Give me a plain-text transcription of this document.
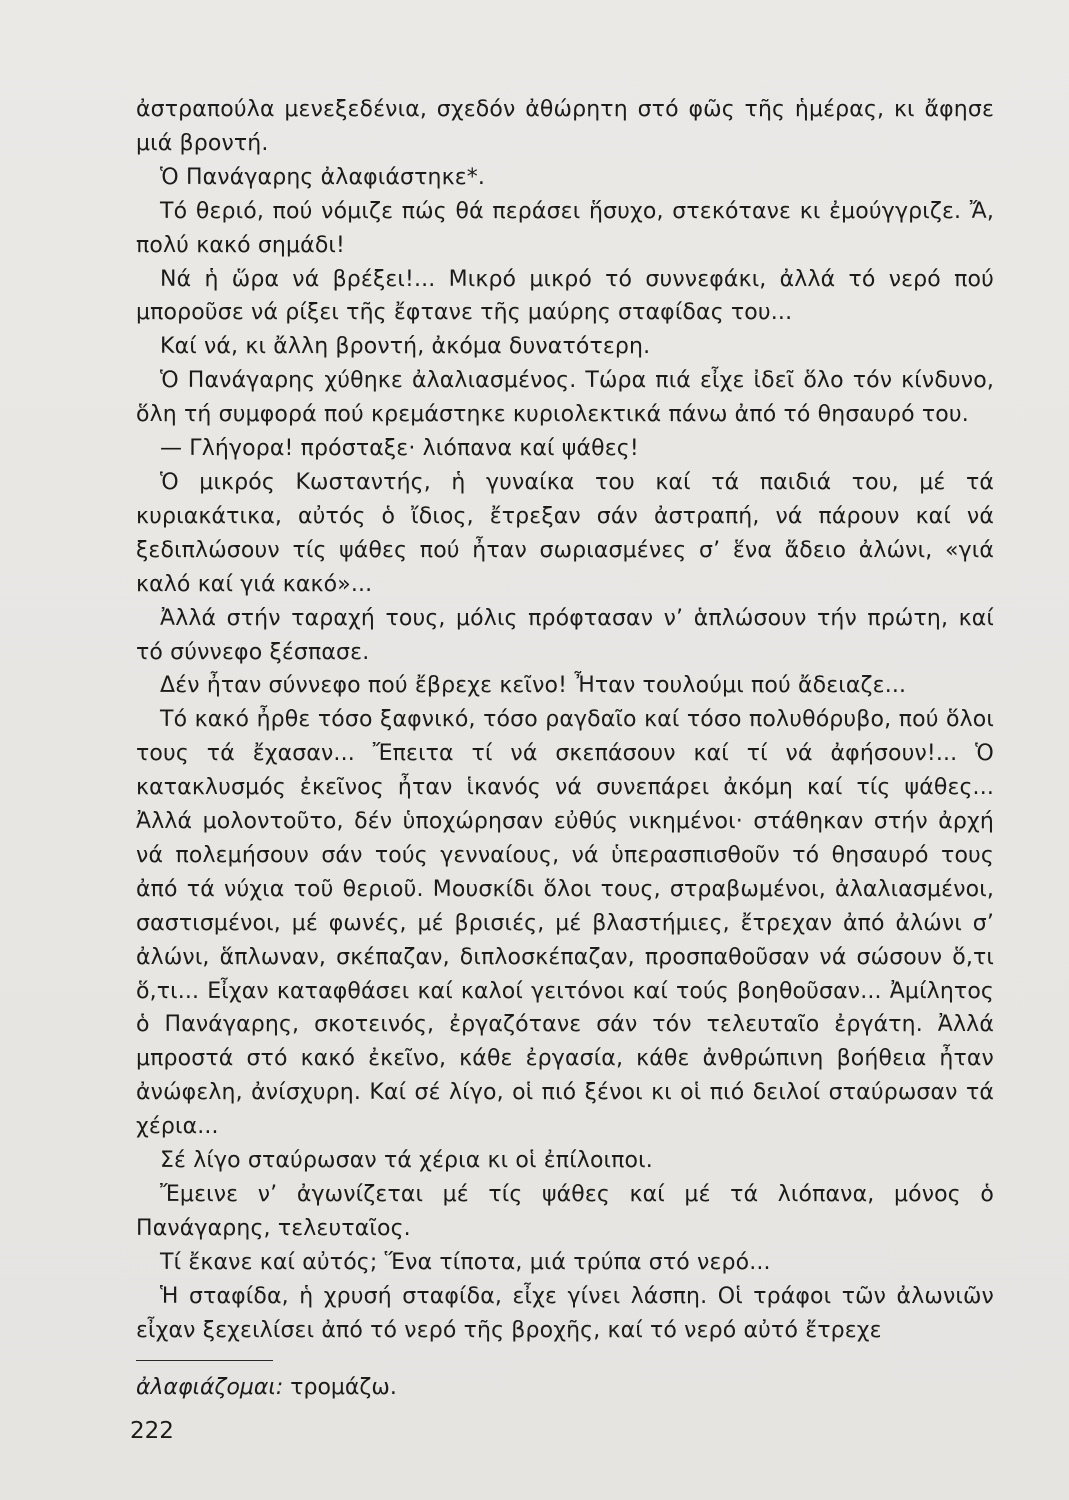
ἀστραπούλα μενεξεδένια, σχεδόν ἀθώρητη στό φῶς τῆς ἡμέρας, κι ἄφησε μιά βροντή.

Ὁ Πανάγαρης ἀλαφιάστηκε*.

Τό θεριό, πού νόμιζε πώς θά περάσει ἥσυχο, στεκότανε κι ἐμούγγριζε. Ἄ, πολύ κακό σημάδι!

Νά ἡ ὥρα νά βρέξει!... Μικρό μικρό τό συννεφάκι, ἀλλά τό νερό πού μποροῦσε νά ρίξει τῆς ἔφτανε τῆς μαύρης σταφίδας του...

Καί νά, κι ἄλλη βροντή, ἀκόμα δυνατότερη.

Ὁ Πανάγαρης χύθηκε ἀλαλιασμένος. Τώρα πιά εἶχε ἰδεῖ ὅλο τόν κίνδυνο, ὅλη τή συμφορά πού κρεμάστηκε κυριολεκτικά πάνω ἀπό τό θησαυρό του.

— Γλήγορα! πρόσταξε· λιόπανα καί ψάθες!

Ὁ μικρός Κωσταντής, ἡ γυναίκα του καί τά παιδιά του, μέ τά κυριακάτικα, αὐτός ὁ ἴδιος, ἔτρεξαν σάν ἀστραπή, νά πάρουν καί νά ξεδιπλώσουν τίς ψάθες πού ἦταν σωριασμένες σ’ ἕνα ἄδειο ἀλώνι, «γιά καλό καί γιά κακό»...

Ἀλλά στήν ταραχή τους, μόλις πρόφτασαν ν’ ἁπλώσουν τήν πρώτη, καί τό σύννεφο ξέσπασε.

Δέν ἦταν σύννεφο πού ἔβρεχε κεῖνο! Ἦταν τουλούμι πού ἄδειαζε...

Τό κακό ἦρθε τόσο ξαφνικό, τόσο ραγδαῖο καί τόσο πολυθόρυβο, πού ὅλοι τους τά ἔχασαν... Ἔπειτα τί νά σκεπάσουν καί τί νά ἀφήσουν!... Ὁ κατακλυσμός ἐκεῖνος ἦταν ἱκανός νά συνεπάρει ἀκόμη καί τίς ψάθες... Ἀλλά μολοντοῦτο, δέν ὑποχώρησαν εὐθύς νικημένοι· στάθηκαν στήν ἀρχή νά πολεμήσουν σάν τούς γενναίους, νά ὑπερασπισθοῦν τό θησαυρό τους ἀπό τά νύχια τοῦ θεριοῦ. Μουσκίδι ὅλοι τους, στραβωμένοι, ἀλαλιασμένοι, σαστισμένοι, μέ φωνές, μέ βρισιές, μέ βλαστήμιες, ἔτρεχαν ἀπό ἀλώνι σ’ ἀλώνι, ἅπλωναν, σκέπαζαν, διπλοσκέπαζαν, προσπαθοῦσαν νά σώσουν ὅ,τι ὅ,τι... Εἶχαν καταφθάσει καί καλοί γειτόνοι καί τούς βοηθοῦσαν... Ἀμίλητος ὁ Πανάγαρης, σκοτεινός, ἐργαζότανε σάν τόν τελευταῖο ἐργάτη. Ἀλλά μπροστά στό κακό ἐκεῖνο, κάθε ἐργασία, κάθε ἀνθρώπινη βοήθεια ἦταν ἀνώφελη, ἀνίσχυρη. Καί σέ λίγο, οἱ πιό ξένοι κι οἱ πιό δειλοί σταύρωσαν τά χέρια...

Σέ λίγο σταύρωσαν τά χέρια κι οἱ ἐπίλοιποι.

Ἔμεινε ν’ ἀγωνίζεται μέ τίς ψάθες καί μέ τά λιόπανα, μόνος ὁ Πανάγαρης, τελευταῖος.

Τί ἔκανε καί αὐτός; Ἕνα τίποτα, μιά τρύπα στό νερό...

Ἡ σταφίδα, ἡ χρυσή σταφίδα, εἶχε γίνει λάσπη. Οἱ τράφοι τῶν ἀλωνιῶν εἶχαν ξεχειλίσει ἀπό τό νερό τῆς βροχῆς, καί τό νερό αὐτό ἔτρεχε

ἀλαφιάζομαι: τρομάζω.
222
